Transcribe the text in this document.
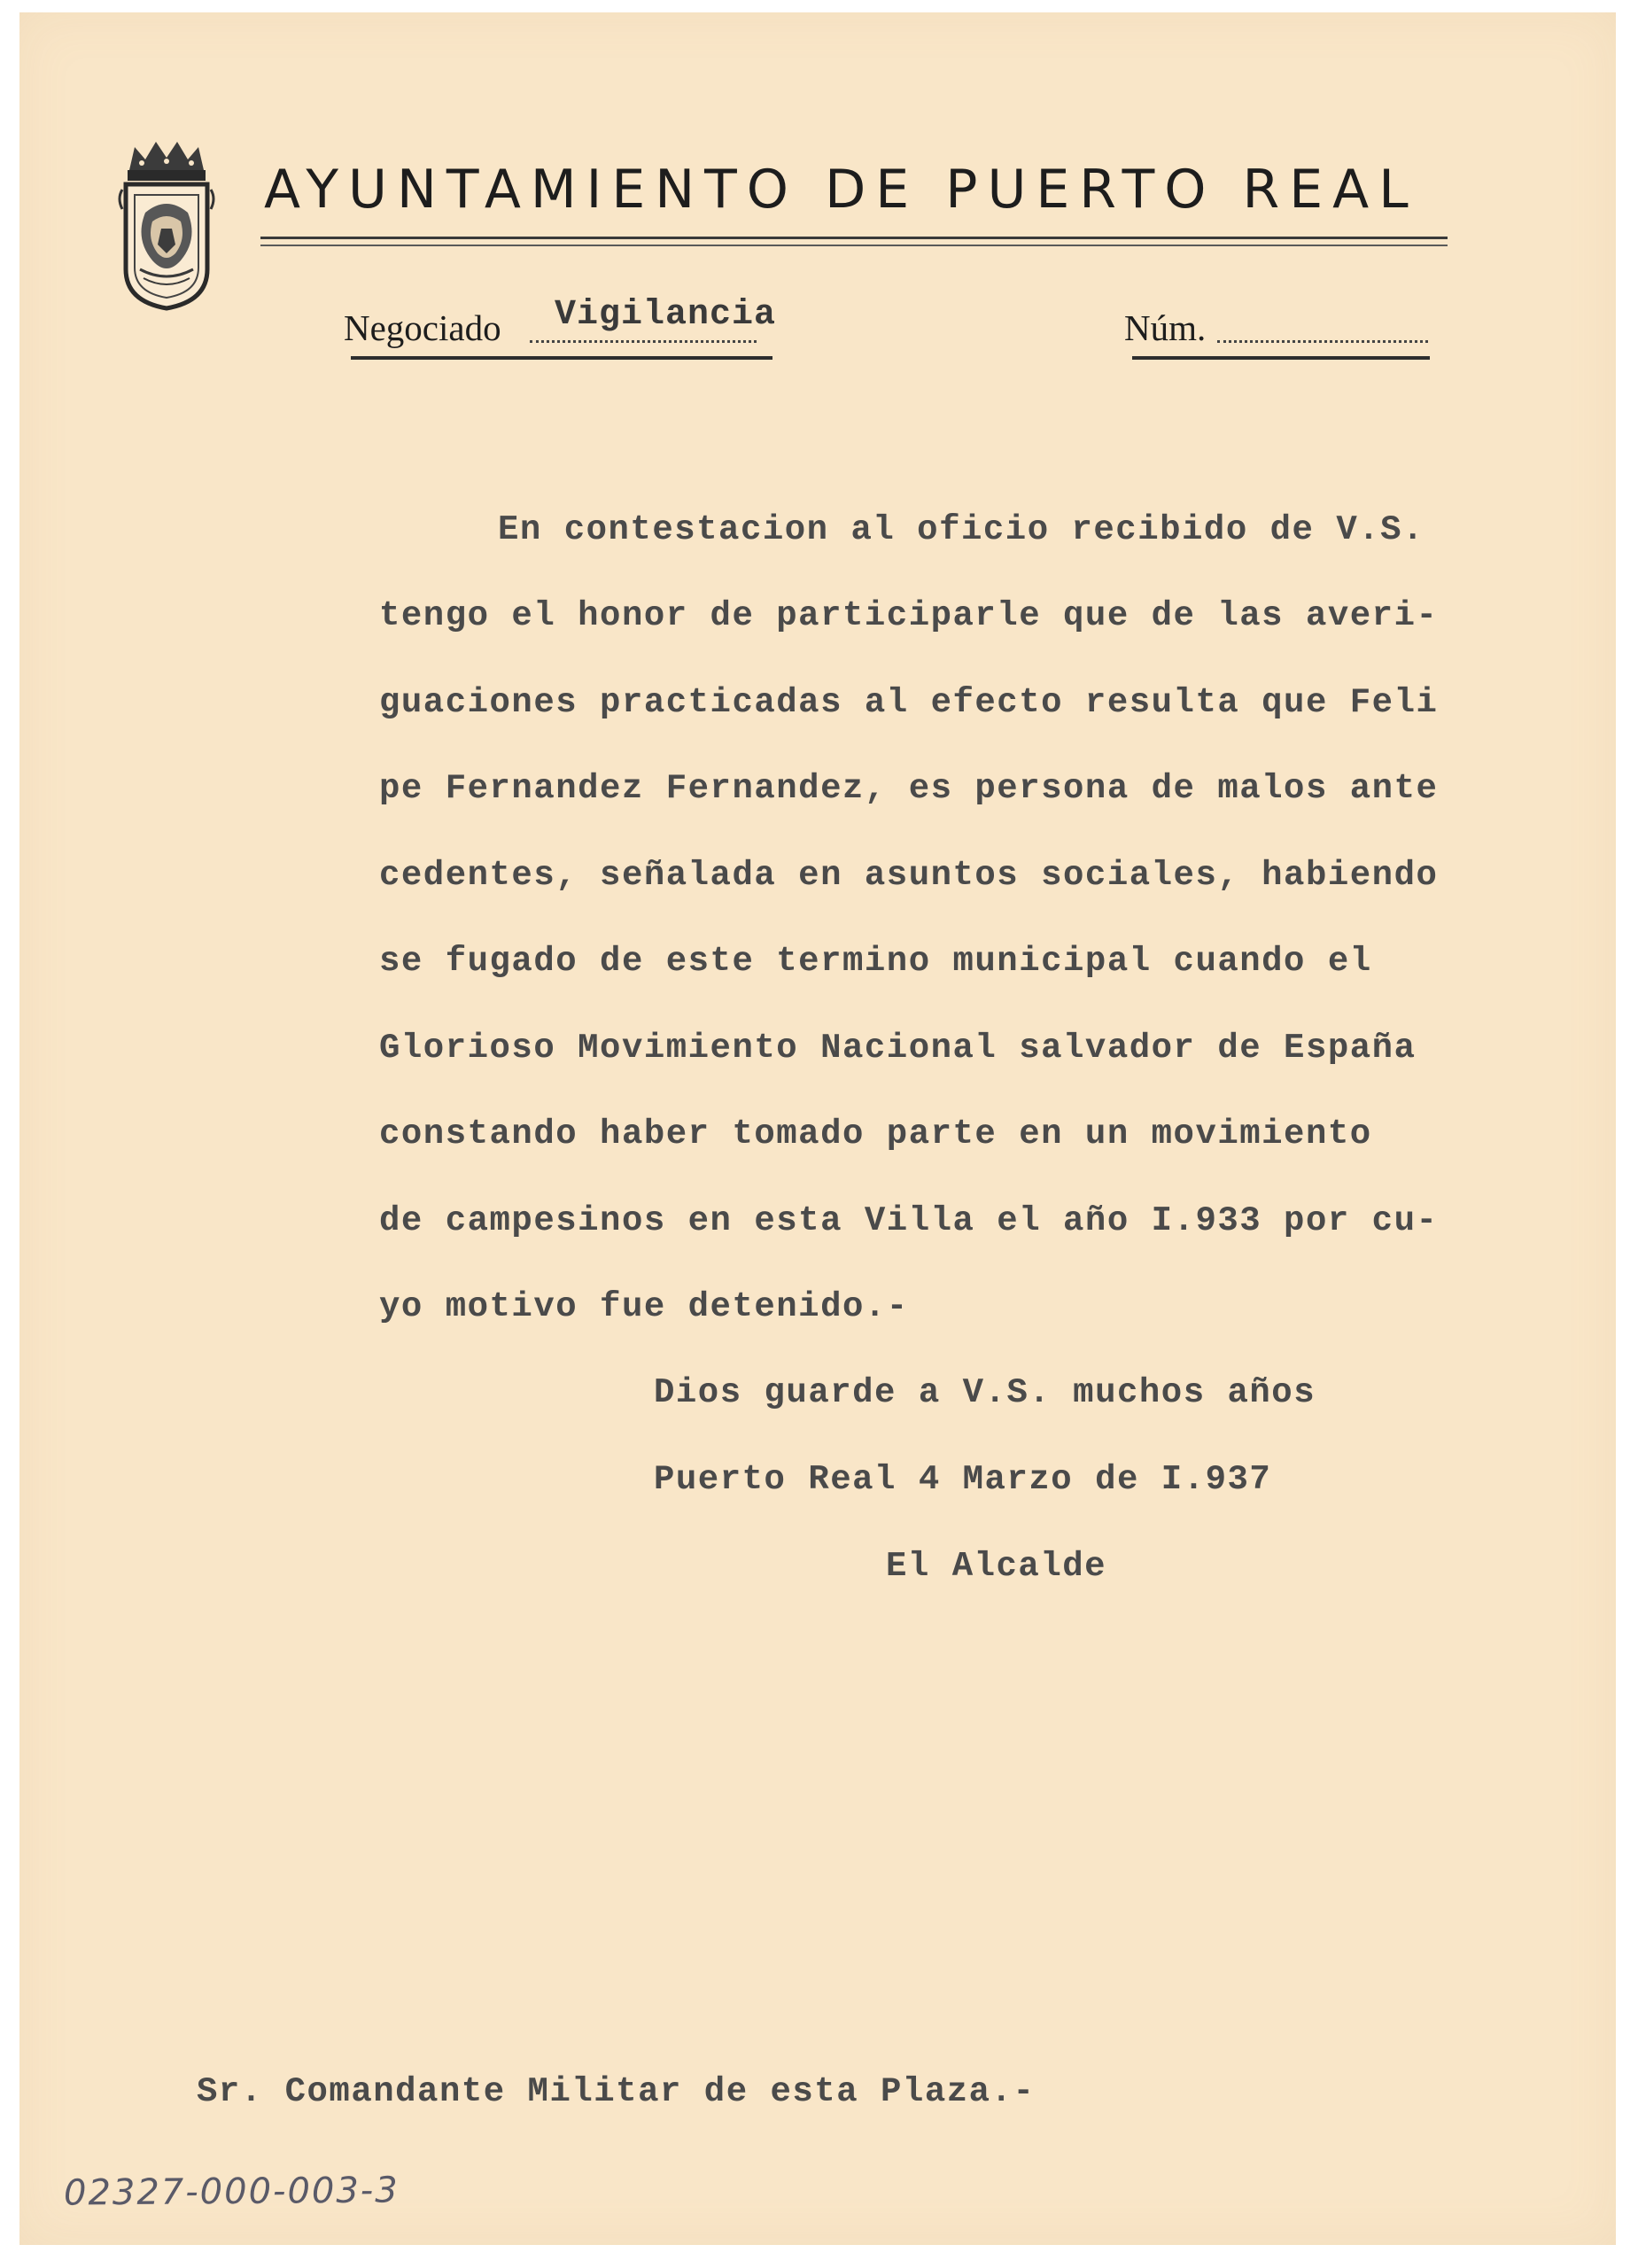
AYUNTAMIENTO DE PUERTO REAL
Negociado Vigilancia	Núm.
En contestacion al oficio recibido de V.S.
tengo el honor de participarle que de las averi-
guaciones practicadas al efecto resulta que Feli
pe Fernandez Fernandez, es persona de malos ante
cedentes, señalada en asuntos sociales, habiendo
se fugado de este termino municipal cuando el
Glorioso Movimiento Nacional salvador de España
constando haber tomado parte en un movimiento
de campesinos en esta Villa el año I.933 por cu-
yo motivo fue detenido.-
Dios guarde a V.S. muchos años
Puerto Real 4 Marzo de I.937
El Alcalde
Sr. Comandante Militar de esta Plaza.-
02327-000-003-3
